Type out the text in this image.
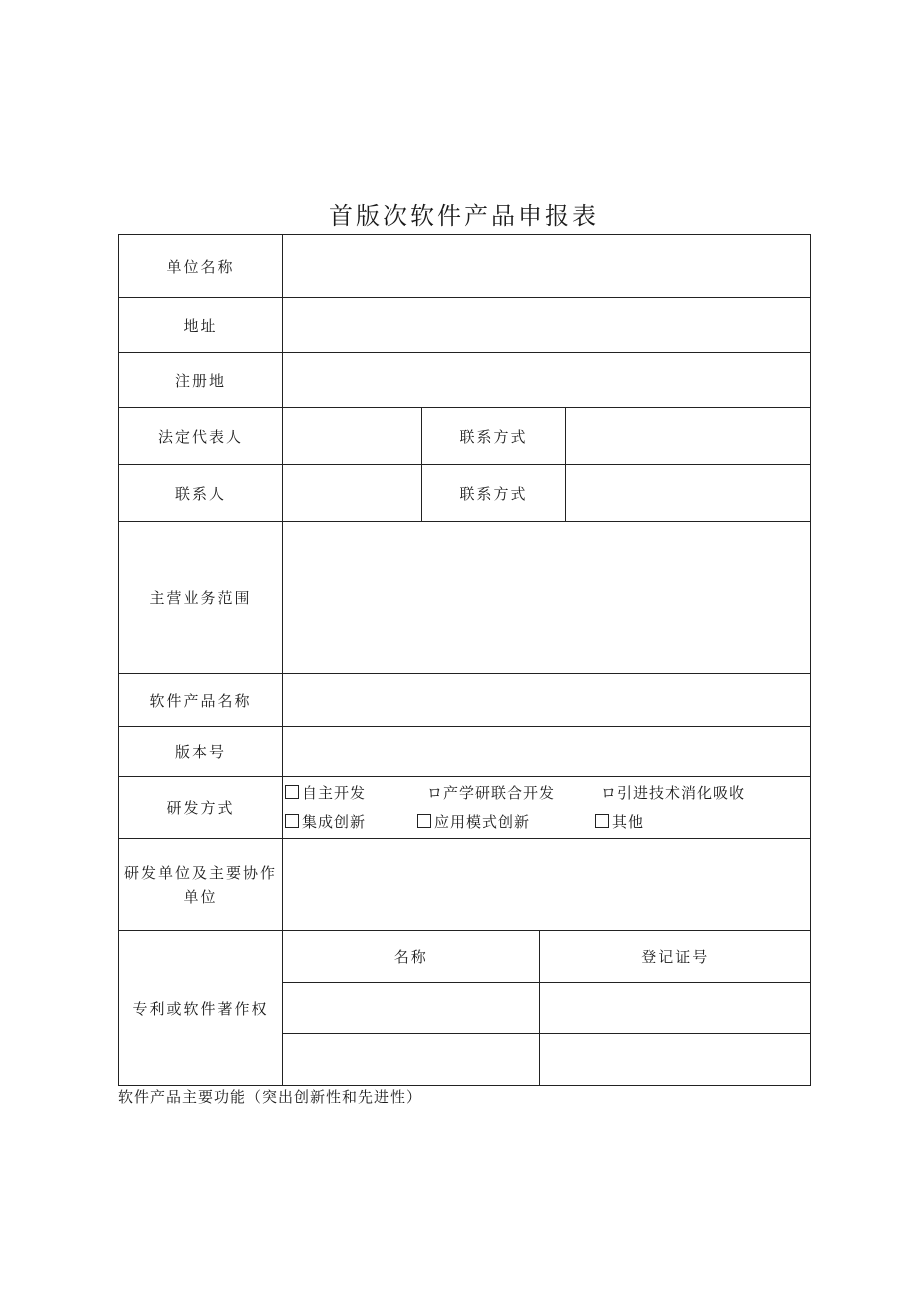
首版次软件产品申报表
单位名称	
地址	
注册地	
法定代表人		联系方式	
联系人		联系方式	
主营业务范围	
软件产品名称	
版本号	
研发方式	
自主开发	ロ产学研联合开发	ロ引进技术消化吸收
集成创新	应用模式创新	其他

研发单位及主要协作单位	
专利或软件著作权	
名称	登记证号

软件产品主要功能（突出创新性和先进性）
